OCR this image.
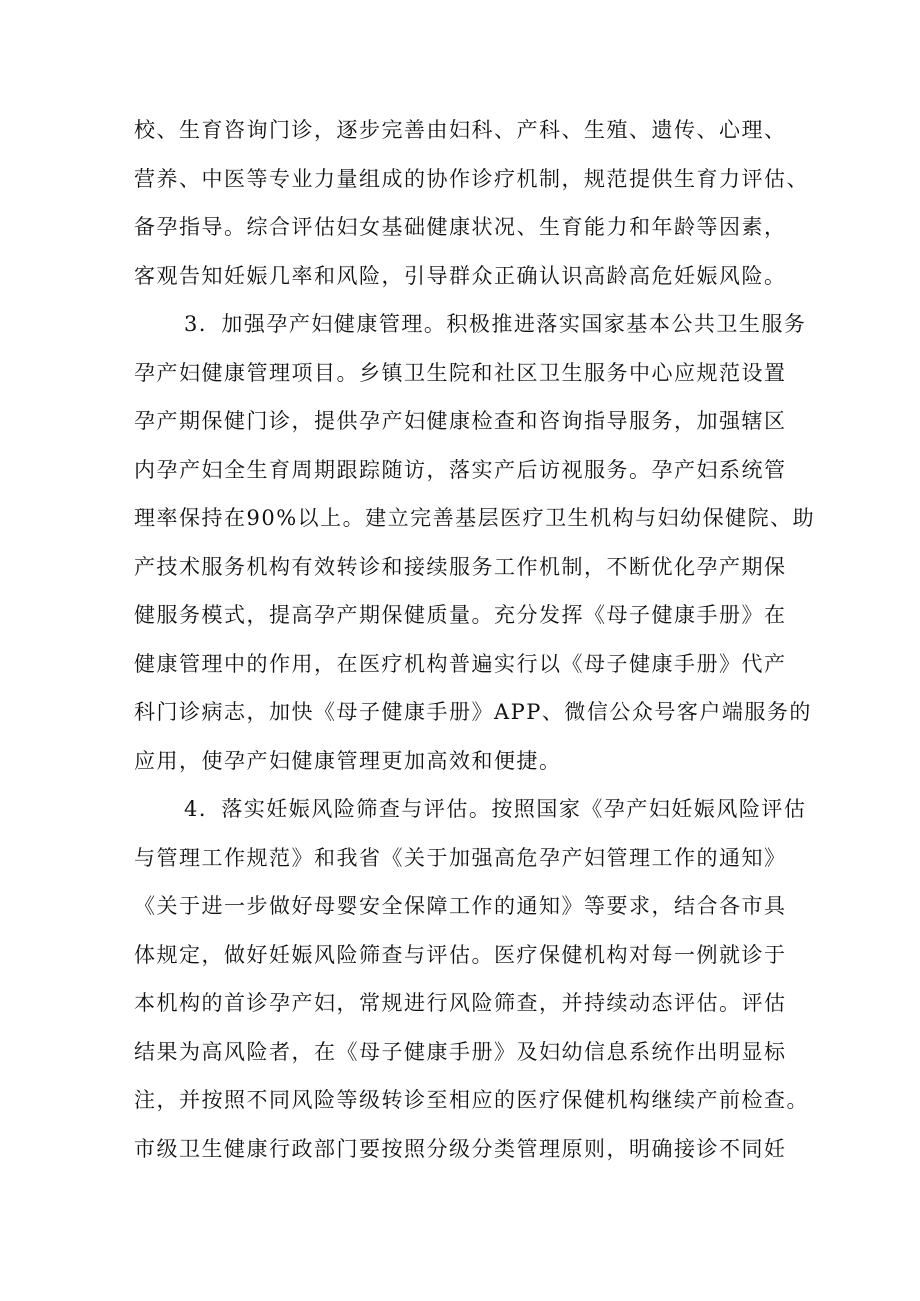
校、生育咨询门诊，逐步完善由妇科、产科、生殖、遗传、心理、
营养、中医等专业力量组成的协作诊疗机制，规范提供生育力评估、
备孕指导。综合评估妇女基础健康状况、生育能力和年龄等因素，
客观告知妊娠几率和风险，引导群众正确认识高龄高危妊娠风险。
3．加强孕产妇健康管理。积极推进落实国家基本公共卫生服务
孕产妇健康管理项目。乡镇卫生院和社区卫生服务中心应规范设置
孕产期保健门诊，提供孕产妇健康检查和咨询指导服务，加强辖区
内孕产妇全生育周期跟踪随访，落实产后访视服务。孕产妇系统管
理率保持在90%以上。建立完善基层医疗卫生机构与妇幼保健院、助
产技术服务机构有效转诊和接续服务工作机制，不断优化孕产期保
健服务模式，提高孕产期保健质量。充分发挥《母子健康手册》在
健康管理中的作用，在医疗机构普遍实行以《母子健康手册》代产
科门诊病志，加快《母子健康手册》APP、微信公众号客户端服务的
应用，使孕产妇健康管理更加高效和便捷。
4．落实妊娠风险筛查与评估。按照国家《孕产妇妊娠风险评估
与管理工作规范》和我省《关于加强高危孕产妇管理工作的通知》
《关于进一步做好母婴安全保障工作的通知》等要求，结合各市具
体规定，做好妊娠风险筛查与评估。医疗保健机构对每一例就诊于
本机构的首诊孕产妇，常规进行风险筛查，并持续动态评估。评估
结果为高风险者，在《母子健康手册》及妇幼信息系统作出明显标
注，并按照不同风险等级转诊至相应的医疗保健机构继续产前检查。
市级卫生健康行政部门要按照分级分类管理原则，明确接诊不同妊
